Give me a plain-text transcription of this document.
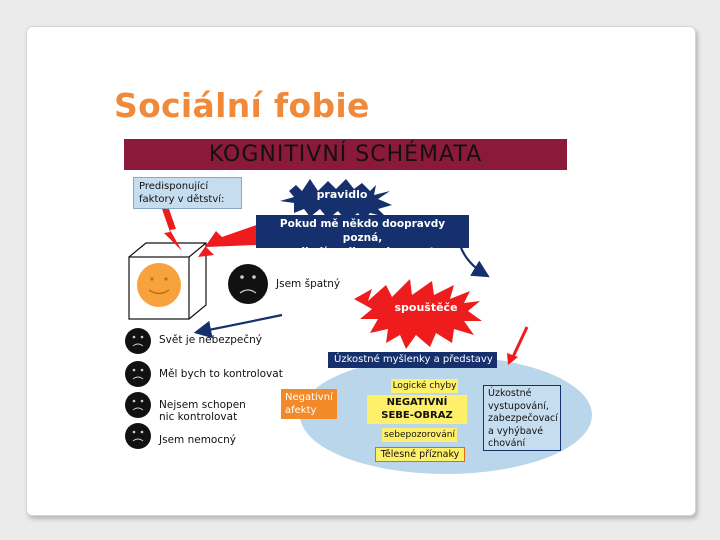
Sociální fobie
KOGNITIVNÍ SCHÉMATA
Predisponující
faktory v dětství:	pravidlo
Pokud mě někdo doopravdy pozná,
odhalí moji neschopnost
Jsem špatný
spouštěče
Úzkostné myšlenky a představy
Svět je nebezpečný
Měl bych to kontrolovat
Nejsem schopen nic kontrolovat
Jsem nemocný
Negativní
afekty
Logické chyby
NEGATIVNÍ
SEBE-OBRAZ
sebepozorování
Úzkostné
vystupování,
zabezpečovací
a vyhýbavé
chování
Tělesné příznaky
